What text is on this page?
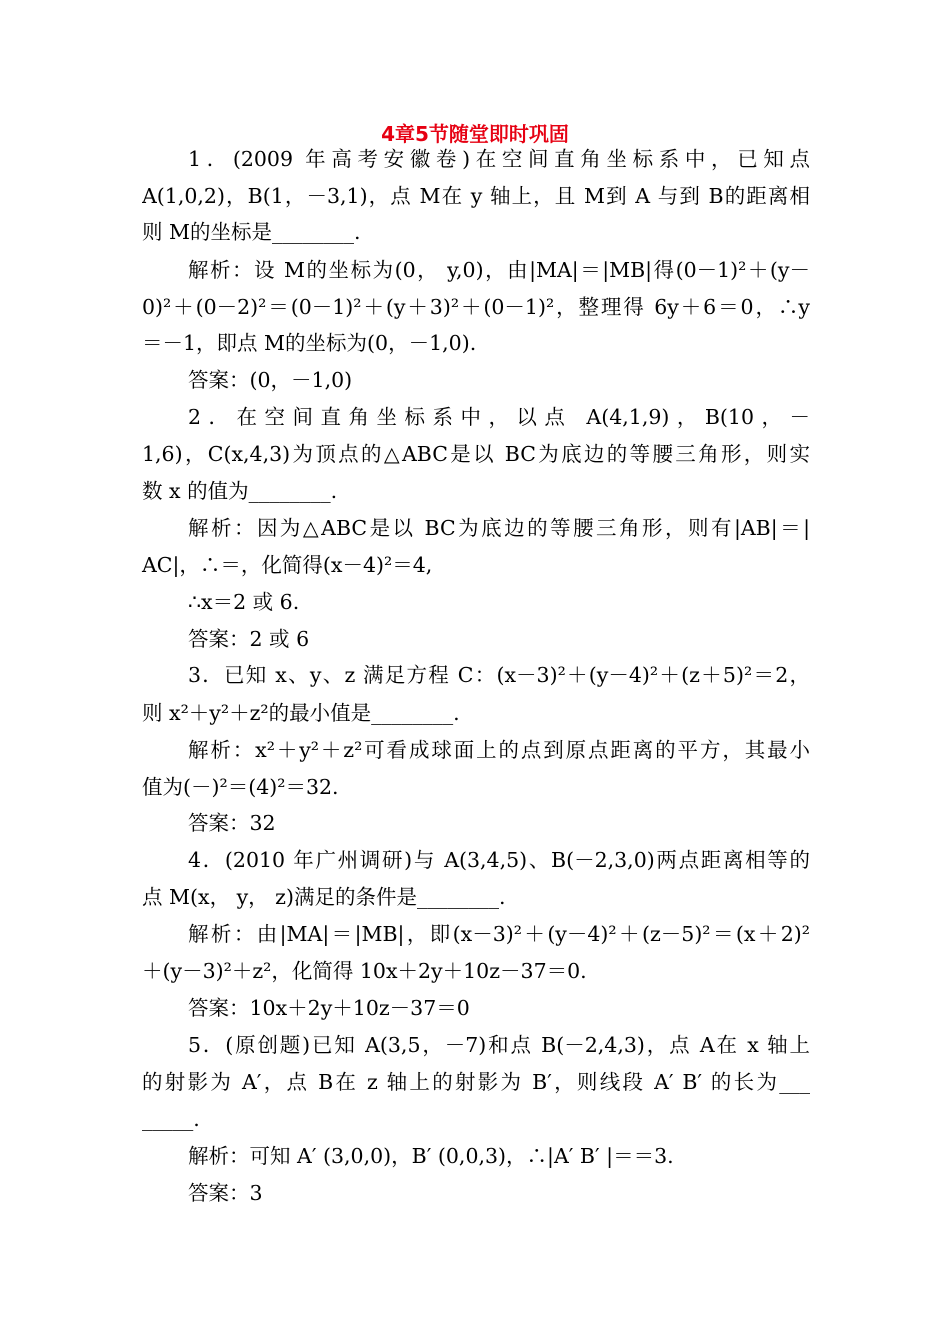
4章5节随堂即时巩固
1．(2009 年高考安徽卷)在空间直角坐标系中，已知点
A(1,0,2)，B(1，－3,1)，点 M在 y 轴上，且 M到 A 与到 B的距离相
则 M的坐标是________.
解析：设 M的坐标为(0， y,0)，由|MA|＝|MB|得(0－1)²＋(y－
0)²＋(0－2)²＝(0－1)²＋(y＋3)²＋(0－1)²，整理得 6y＋6＝0，∴y
＝－1，即点 M的坐标为(0，－1,0).
答案：(0，－1,0)
2．在空间直角坐标系中，以点 A(4,1,9)，B(10，－
1,6)，C(x,4,3)为顶点的△ABC是以 BC为底边的等腰三角形，则实
数 x 的值为________.
解析：因为△ABC是以 BC为底边的等腰三角形，则有|AB|＝|
AC|，∴＝，化简得(x－4)²＝4,
∴x＝2 或 6.
答案：2 或 6
3．已知 x、y、z 满足方程 C：(x－3)²＋(y－4)²＋(z＋5)²＝2，
则 x²＋y²＋z²的最小值是________.
解析：x²＋y²＋z²可看成球面上的点到原点距离的平方，其最小
值为(－)²＝(4)²＝32.
答案：32
4．(2010 年广州调研)与 A(3,4,5)、B(－2,3,0)两点距离相等的
点 M(x， y， z)满足的条件是________.
解析：由|MA|＝|MB|，即(x－3)²＋(y－4)²＋(z－5)²＝(x＋2)²
＋(y－3)²＋z²，化简得 10x＋2y＋10z－37＝0.
答案：10x＋2y＋10z－37＝0
5．(原创题)已知 A(3,5，－7)和点 B(－2,4,3)，点 A在 x 轴上
的射影为 A′，点 B在 z 轴上的射影为 B′，则线段 A′ B′ 的长为___
_____.
解析：可知 A′ (3,0,0)，B′ (0,0,3)，∴|A′ B′ |＝＝3.
答案：3
